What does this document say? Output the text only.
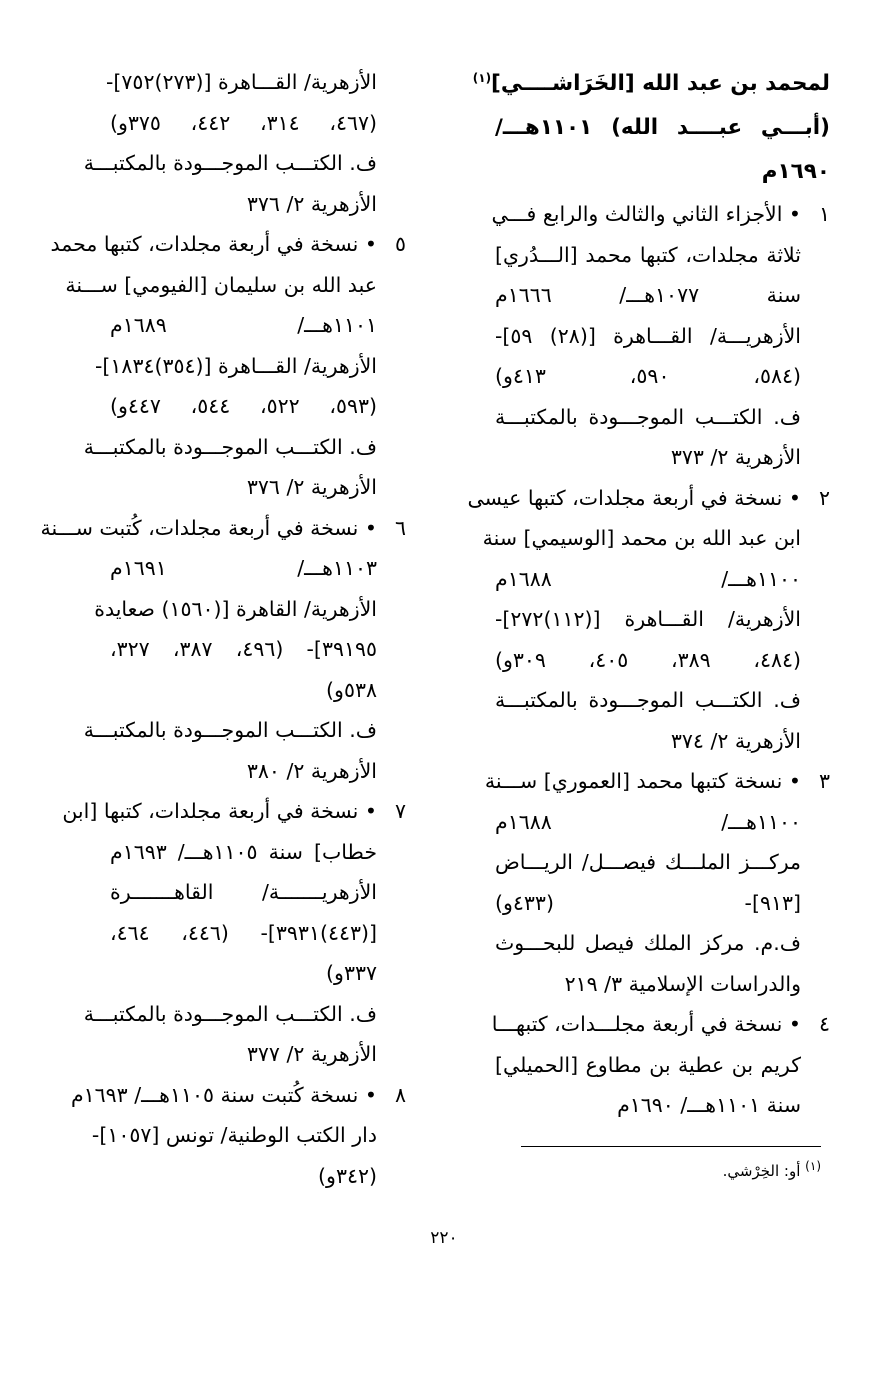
لمحمد بن عبد الله [الخَرَاشــــي]$^{(١)}$
(أبـــي عبــــد الله) ١١٠١هـــ/
١٦٩٠م
١
• الأجزاء الثاني والثالث والرابع فـــي
ثلاثة مجلدات، كتبها محمد [الـــدُري]
سنة ١٠٧٧هـــ/ ١٦٦٦م
الأزهريـــة/ القـــاهرة [(٢٨) ٥٩]-
(٥٨٤، ٥٩٠، ٤١٣و)
ف. الكتـــب الموجـــودة بالمكتبـــة
الأزهرية ٢/ ٣٧٣
٢
• نسخة في أربعة مجلدات، كتبها عيسى
ابن عبد الله بن محمد [الوسيمي] سنة
١١٠٠هـــ/ ١٦٨٨م
الأزهرية/ القـــاهرة [(١١٢)٢٧٢]-
(٤٨٤، ٣٨٩، ٤٠٥، ٣٠٩و)
ف. الكتـــب الموجـــودة بالمكتبـــة
الأزهرية ٢/ ٣٧٤
٣
• نسخة كتبها محمد [العموري] ســـنة
١١٠٠هـــ/ ١٦٨٨م
مركـــز الملـــك فيصـــل/ الريـــاض
[٩١٣]- (٤٣٣و)
ف.م. مركز الملك فيصل للبحـــوث
والدراسات الإسلامية ٣/ ٢١٩
٤
• نسخة في أربعة مجلـــدات، كتبهـــا
كريم بن عطية بن مطاوع [الحميلي]
سنة ١١٠١هـــ/ ١٦٩٠م
الأزهرية/ القـــاهرة [(٢٧٣)٧٥٢]-
(٤٦٧، ٣١٤، ٤٤٢، ٣٧٥و)
ف. الكتـــب الموجـــودة بالمكتبـــة
الأزهرية ٢/ ٣٧٦
٥
• نسخة في أربعة مجلدات، كتبها محمد
عبد الله بن سليمان [الفيومي] ســـنة
١١٠١هـــ/ ١٦٨٩م
الأزهرية/ القـــاهرة [(٣٥٤)١٨٣٤]-
(٥٩٣، ٥٢٢، ٥٤٤، ٤٤٧و)
ف. الكتـــب الموجـــودة بالمكتبـــة
الأزهرية ٢/ ٣٧٦
٦
• نسخة في أربعة مجلدات، كُتبت ســـنة
١١٠٣هـــ/ ١٦٩١م
الأزهرية/ القاهرة [(١٥٦٠) صعايدة
٣٩١٩٥]- (٤٩٦، ٣٨٧، ٣٢٧،
٥٣٨و)
ف. الكتـــب الموجـــودة بالمكتبـــة
الأزهرية ٢/ ٣٨٠
٧
• نسخة في أربعة مجلدات، كتبها [ابن
خطاب] سنة ١١٠٥هـــ/ ١٦٩٣م
الأزهريـــــــة/ القاهـــــــرة
[(٤٤٣)٣٩٣١]- (٤٤٦، ٤٦٤،
٣٣٧و)
ف. الكتـــب الموجـــودة بالمكتبـــة
الأزهرية ٢/ ٣٧٧
٨
• نسخة كُتبت سنة ١١٠٥هـــ/ ١٦٩٣م
دار الكتب الوطنية/ تونس [١٠٥٧]-
(٣٤٢و)	$^{(١)}$ أو: الخِرْشي.
٢٢٠
